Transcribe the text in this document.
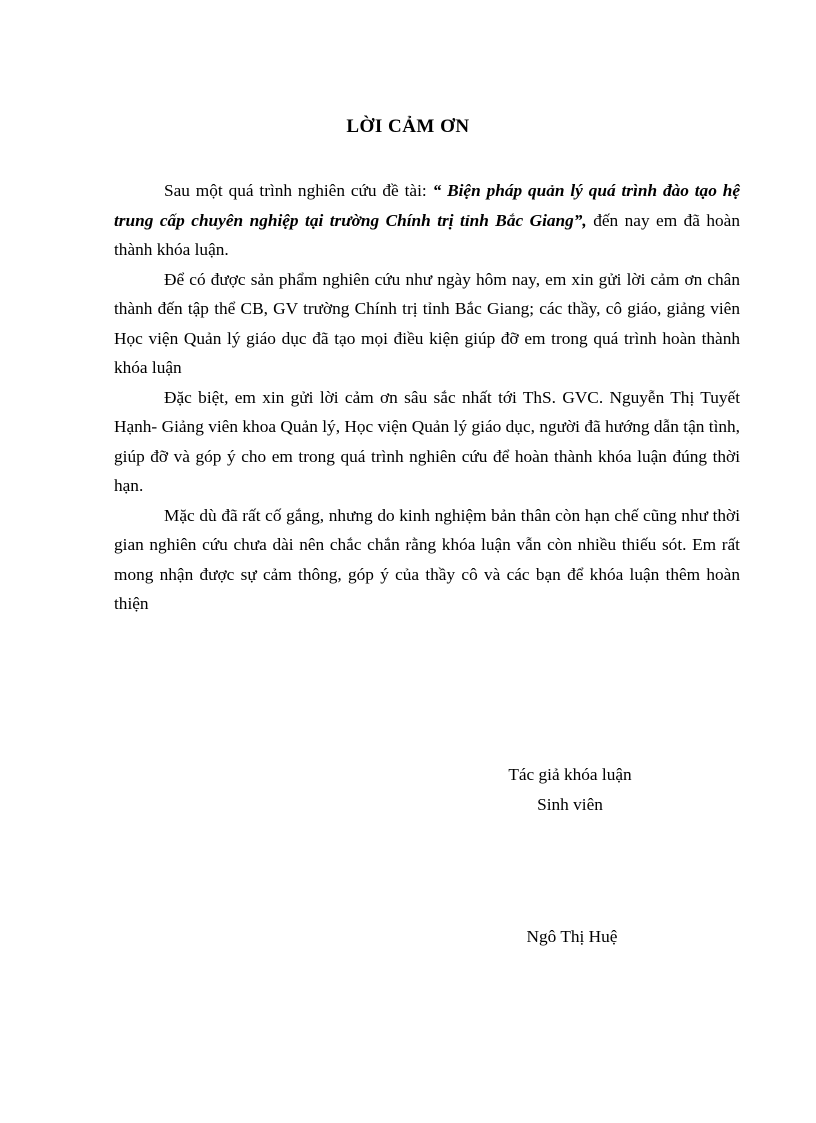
LỜI CẢM ƠN

Sau một quá trình nghiên cứu đề tài: “ Biện pháp quản lý quá trình đào tạo hệ trung cấp chuyên nghiệp tại trường Chính trị tỉnh Bắc Giang”, đến nay em đã hoàn thành khóa luận.

Để có được sản phẩm nghiên cứu như ngày hôm nay, em xin gửi lời cảm ơn chân thành đến tập thể CB, GV trường Chính trị tỉnh Bắc Giang; các thầy, cô giáo, giảng viên Học viện Quản lý giáo dục đã tạo mọi điều kiện giúp đỡ em trong quá trình hoàn thành khóa luận

Đặc biệt, em xin gửi lời cảm ơn sâu sắc nhất tới ThS. GVC. Nguyễn Thị Tuyết Hạnh- Giảng viên khoa Quản lý, Học viện Quản lý giáo dục, người đã hướng dẫn tận tình, giúp đỡ và góp ý cho em trong quá trình nghiên cứu để hoàn thành khóa luận đúng thời hạn.

Mặc dù đã rất cố gắng, nhưng do kinh nghiệm bản thân còn hạn chế cũng như thời gian nghiên cứu chưa dài nên chắc chắn rằng khóa luận vẫn còn nhiều thiếu sót. Em rất mong nhận được sự cảm thông, góp ý của thầy cô và các bạn để khóa luận thêm hoàn thiện

Tác giả khóa luận
Sinh viên
Ngô Thị Huệ
